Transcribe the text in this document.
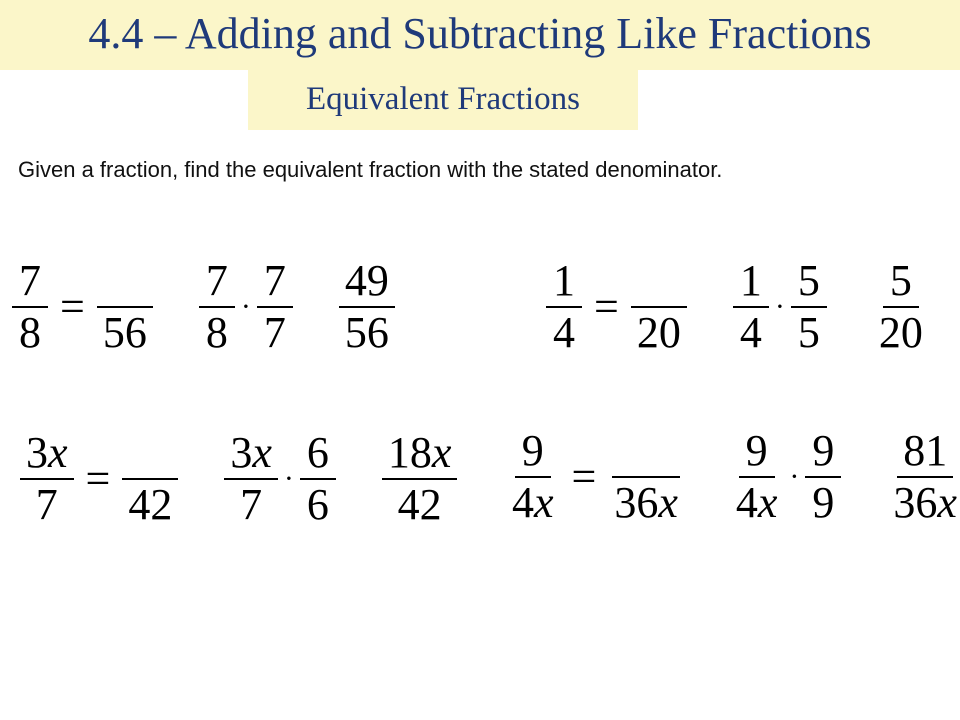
4.4 – Adding and Subtracting Like Fractions
Equivalent Fractions
Given a fraction, find the equivalent fraction with the stated denominator.
$\frac{7}{8}$ =
$56 \frac{7}{8} \cdot \frac{7}{7} \frac{49}{56}$	$\frac{1}{4}$ =
$20 \frac{1}{4} \cdot \frac{5}{5} \frac{5}{20}$
$\frac{3x}{7}$ =
$42 \frac{3x}{7} \cdot \frac{6}{6} \frac{18x}{42} \frac{9}{4x}$ =
$36x \frac{9}{4x} \cdot \frac{9}{9} \frac{81}{36x}$
